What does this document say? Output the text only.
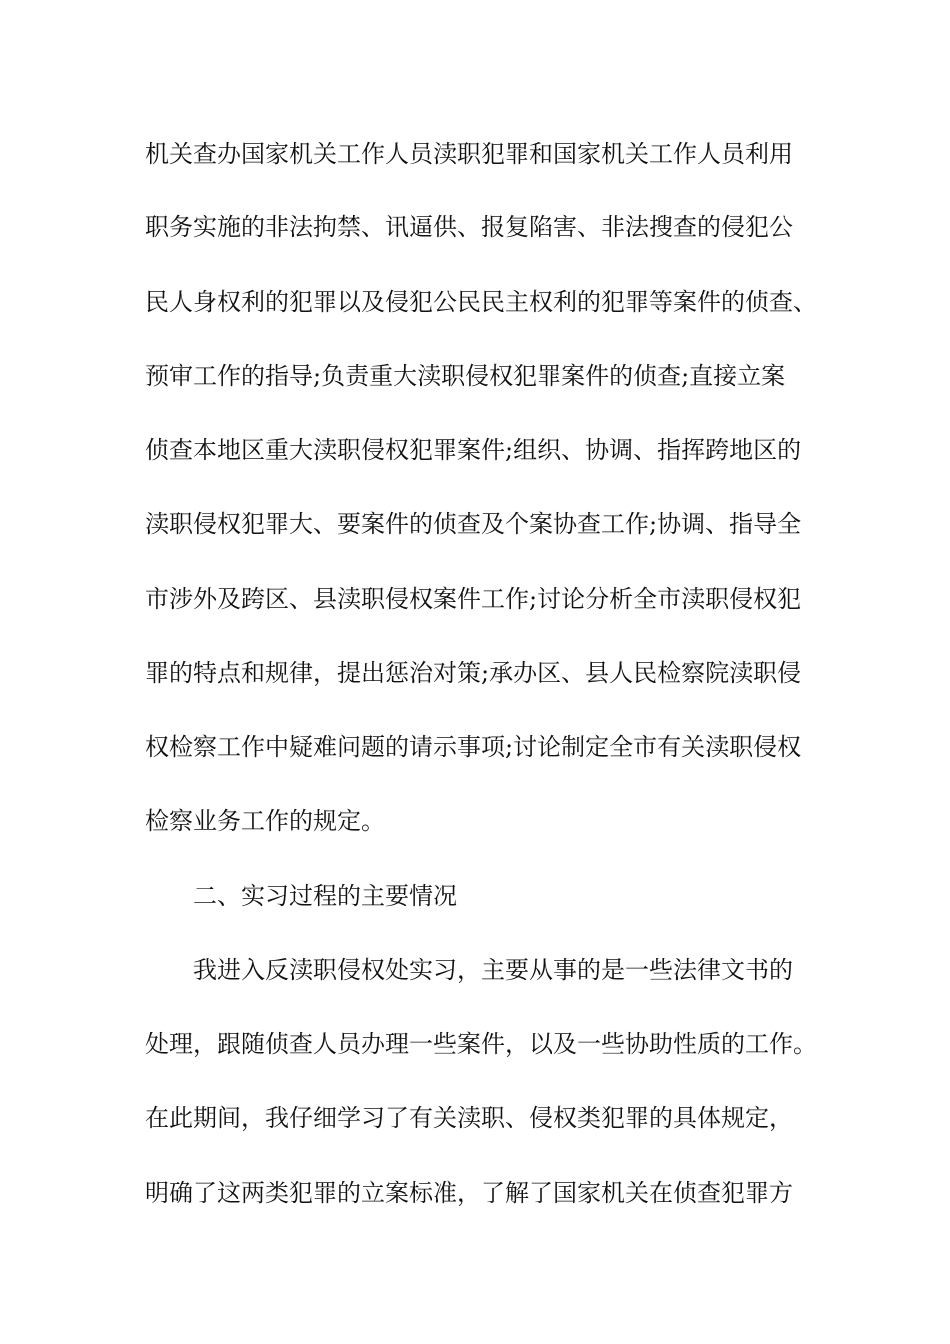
机关查办国家机关工作人员渎职犯罪和国家机关工作人员利用
职务实施的非法拘禁、讯逼供、报复陷害、非法搜查的侵犯公
民人身权利的犯罪以及侵犯公民民主权利的犯罪等案件的侦查、
预审工作的指导;负责重大渎职侵权犯罪案件的侦查;直接立案
侦查本地区重大渎职侵权犯罪案件;组织、协调、指挥跨地区的
渎职侵权犯罪大、要案件的侦查及个案协查工作;协调、指导全
市涉外及跨区、县渎职侵权案件工作;讨论分析全市渎职侵权犯
罪的特点和规律，提出惩治对策;承办区、县人民检察院渎职侵
权检察工作中疑难问题的请示事项;讨论制定全市有关渎职侵权
检察业务工作的规定。
二、实习过程的主要情况
我进入反渎职侵权处实习，主要从事的是一些法律文书的
处理，跟随侦查人员办理一些案件，以及一些协助性质的工作。
在此期间，我仔细学习了有关渎职、侵权类犯罪的具体规定，
明确了这两类犯罪的立案标准，了解了国家机关在侦查犯罪方
